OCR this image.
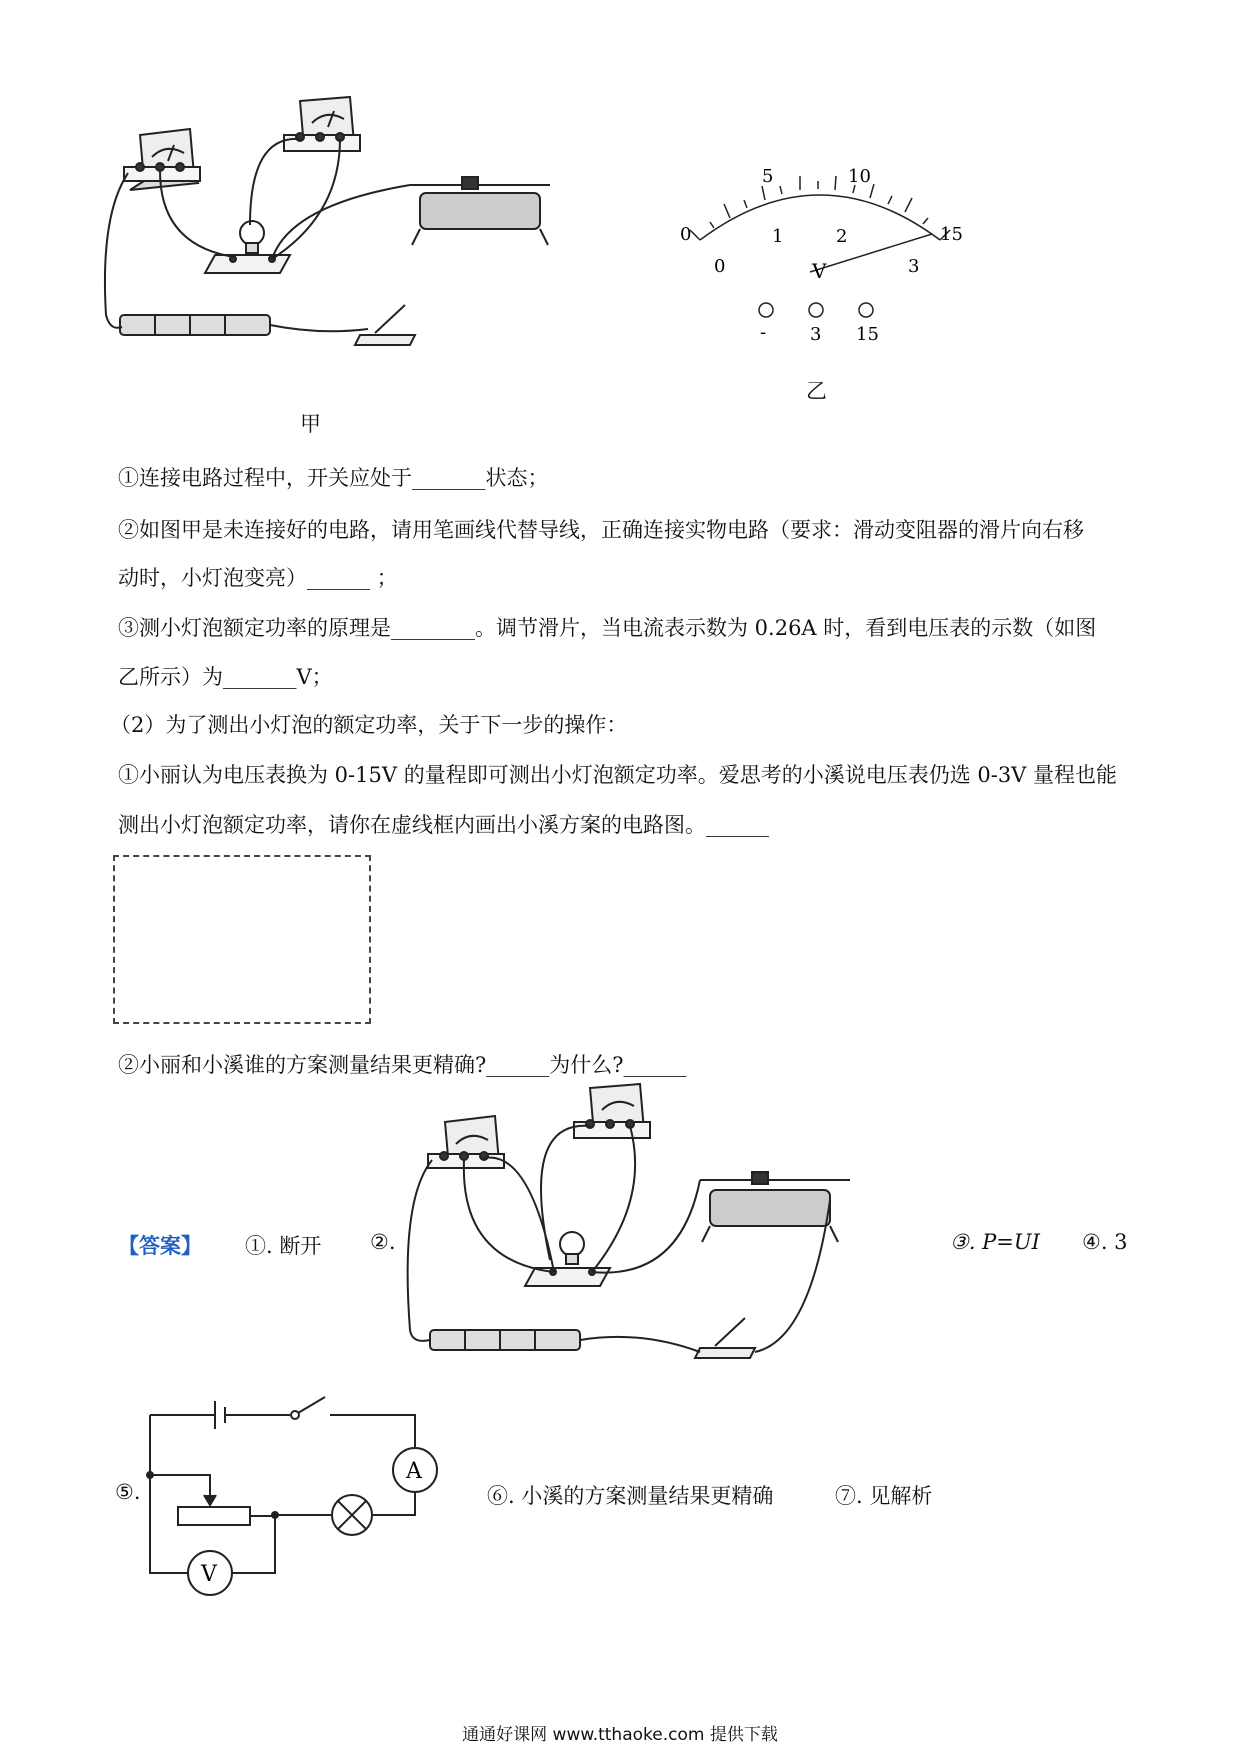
甲
0
5	10
15
0
1	2
3
V
- 3 15
乙
①连接电路过程中，开关应处于_______状态；
②如图甲是未连接好的电路，请用笔画线代替导线，正确连接实物电路（要求：滑动变阻器的滑片向右移
动时，小灯泡变亮）______ ；
③测小灯泡额定功率的原理是________。调节滑片，当电流表示数为 0.26A 时，看到电压表的示数（如图
乙所示）为_______V；
（2）为了测出小灯泡的额定功率，关于下一步的操作：
①小丽认为电压表换为 0-15V 的量程即可测出小灯泡额定功率。爱思考的小溪说电压表仍选 0-3V 量程也能
测出小灯泡额定功率，请你在虚线框内画出小溪方案的电路图。______
②小丽和小溪谁的方案测量结果更精确?______为什么?______
【答案】 ①. 断开 ②.	③. P=UI ④. 3
⑤.
A
V
⑥. 小溪的方案测量结果更精确	⑦. 见解析
通通好课网 www.tthaoke.com 提供下载
